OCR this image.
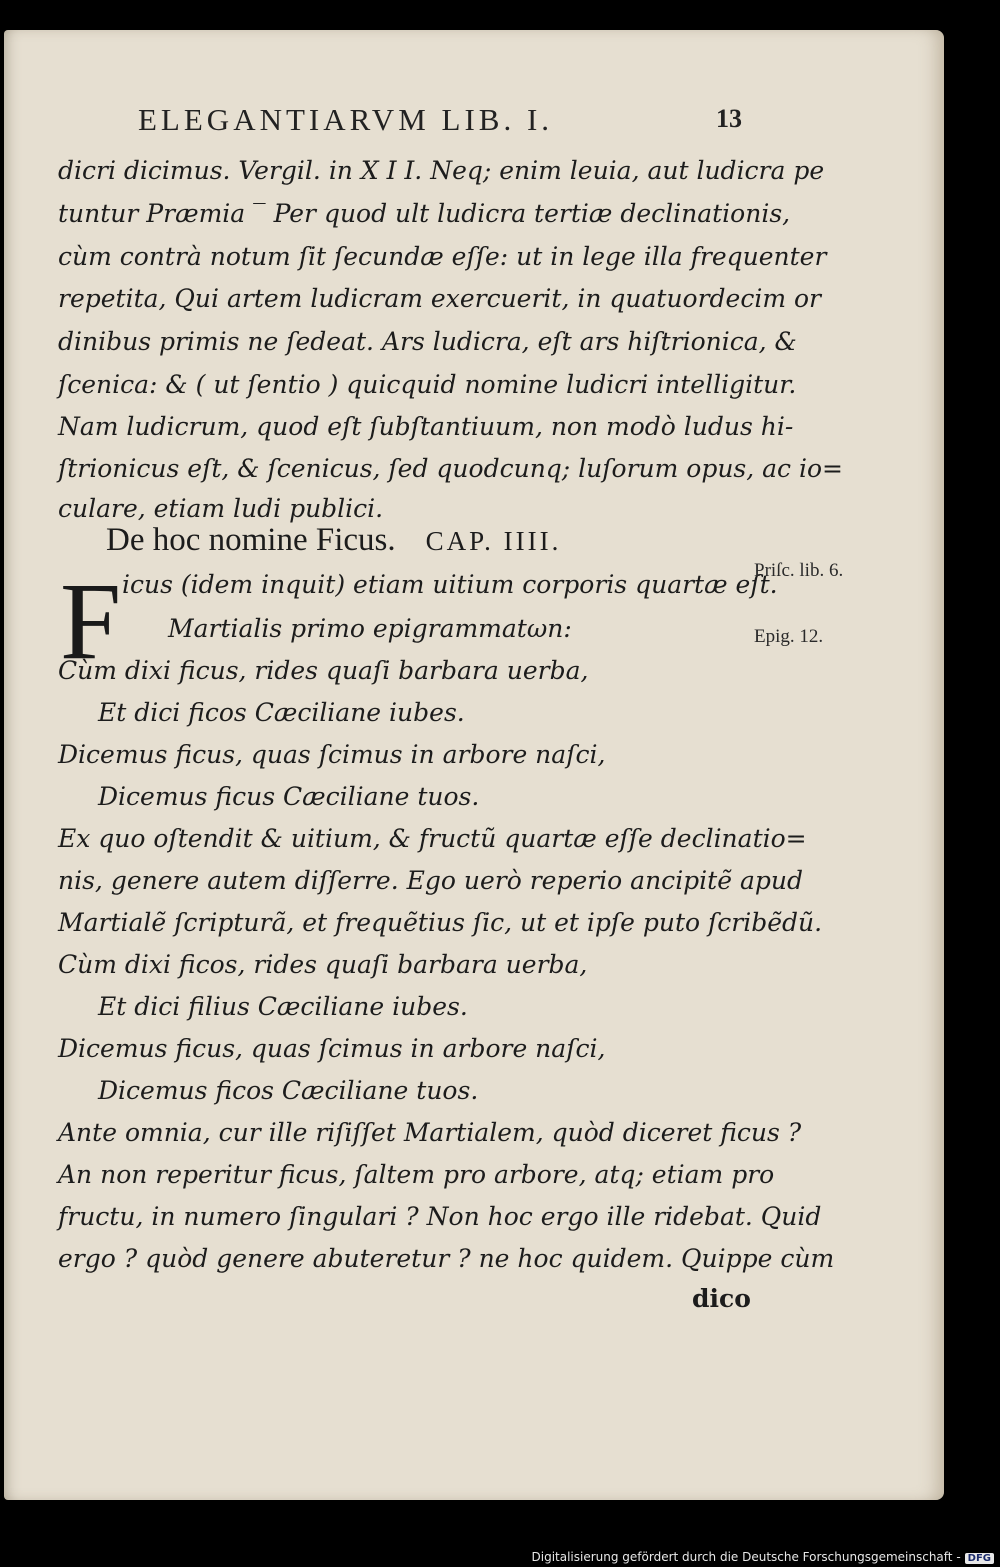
ELEGANTIARVM LIB. I.	13
dicri dicimus. Vergil. in X I I. Neq; enim leuia, aut ludicra pe
tuntur Præmia ‾ Per quod ult ludicra tertiæ declinationis,
cùm contrà notum ſit ſecundæ eſſe: ut in lege illa frequenter
repetita, Qui artem ludicram exercuerit, in quatuordecim or
dinibus primis ne ſedeat. Ars ludicra, eſt ars hiſtrionica, &
ſcenica: & ( ut ſentio ) quicquid nomine ludicri intelligitur.
Nam ludicrum, quod eſt ſubſtantiuum, non modò ludus hi-
ſtrionicus eſt, & ſcenicus, ſed quodcunq; luſorum opus, ac io=
culare, etiam ludi publici.
icus (idem inquit) etiam uitium corporis quartæ eſt.
Martialis primo epigrammatωn:
Cùm dixi ficus, rides quaſi barbara uerba,
Et dici ficos Cæciliane iubes.
Dicemus ficus, quas ſcimus in arbore naſci,
Dicemus ficus Cæciliane tuos.
Ex quo oſtendit & uitium, & fructũ quartæ eſſe declinatio=
nis, genere autem diſſerre. Ego uerò reperio ancipitẽ apud
Martialẽ ſcripturã, et frequẽtius ſic, ut et ipſe puto ſcribẽdũ.
Cùm dixi ficos, rides quaſi barbara uerba,
Et dici filius Cæciliane iubes.
Dicemus ficus, quas ſcimus in arbore naſci,
Dicemus ficos Cæciliane tuos.
Ante omnia, cur ille riſiſſet Martialem, quòd diceret ficus ?
An non reperitur ficus, ſaltem pro arbore, atq; etiam pro
fructu, in numero ſingulari ? Non hoc ergo ille ridebat. Quid
ergo ? quòd genere abuteretur ? ne hoc quidem. Quippe cùm
dico
De hoc nomine Ficus. CAP. IIII.
F	Priſc. lib. 6.
Epig. 12.
Digitalisierung gefördert durch die Deutsche Forschungsgemeinschaft - DFG
